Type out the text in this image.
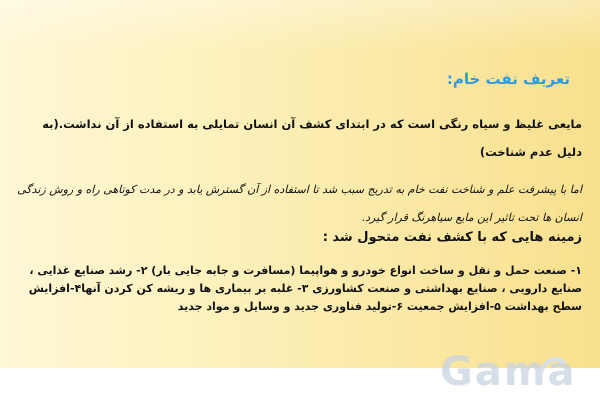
تعریف نفت خام:

مایعی غلیظ و سیاه رنگی است که در ابتدای کشف آن انسان تمایلی به استفاده از آن نداشت.(به دلیل عدم شناخت)

اما با پیشرفت علم و شناخت نفت خام به تدریج سبب شد تا استفاده از آن گسترش یابد و در مدت کوتاهی راه و روش زندگی انسان ها تحت تاثیر این مایع سیاهرنگ قرار گیرد.

زمینه هایی که با کشف نفت متحول شد :

۱- صنعت حمل و نقل و ساخت انواع خودرو و هواپیما (مسافرت و جابه جایی بار) ۲- رشد صنایع غذایی ، صنایع دارویی ، صنایع بهداشتی و صنعت کشاورزی ۳- غلبه بر بیماری ها و ریشه کن کردن آنها۴-افزایش سطح بهداشت ۵-افزایش جمعیت ۶-تولید فناوری جدید و وسایل و مواد جدید

Gama
